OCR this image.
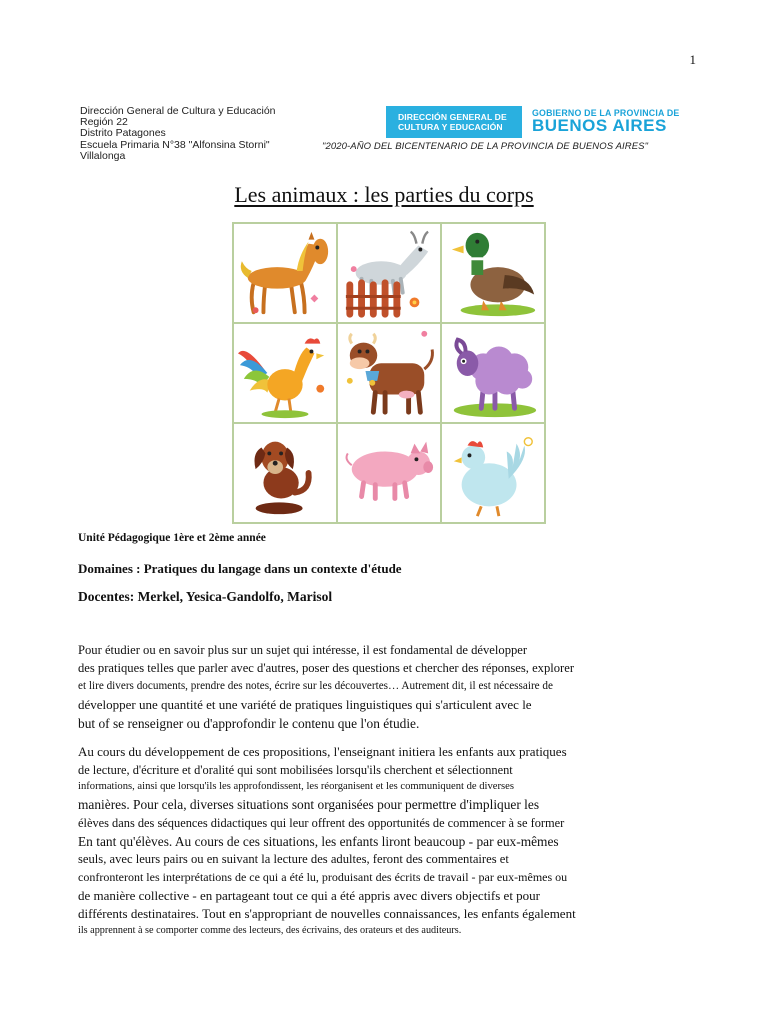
1
Dirección General de Cultura y Educación
Región 22
Distrito Patagones
Escuela Primaria N°38 "Alfonsina Storni"
Villalonga
DIRECCIÓN GENERAL DE
CULTURA Y EDUCACIÓN
GOBIERNO DE LA PROVINCIA DE
BUENOS AIRES
"2020-AÑO DEL BICENTENARIO DE LA PROVINCIA DE BUENOS AIRES"
Les animaux : les parties du corps
Unité Pédagogique 1ère et 2ème année
Domaines : Pratiques du langage dans un contexte d'étude
Docentes: Merkel, Yesica-Gandolfo, Marisol
Pour étudier ou en savoir plus sur un sujet qui intéresse, il est fondamental de développer
des pratiques telles que parler avec d'autres, poser des questions et chercher des réponses, explorer
et lire divers documents, prendre des notes, écrire sur les découvertes… Autrement dit, il est nécessaire de
développer une quantité et une variété de pratiques linguistiques qui s'articulent avec le
but of se renseigner ou d'approfondir le contenu que l'on étudie.
Au cours du développement de ces propositions, l'enseignant initiera les enfants aux pratiques
de lecture, d'écriture et d'oralité qui sont mobilisées lorsqu'ils cherchent et sélectionnent
informations, ainsi que lorsqu'ils les approfondissent, les réorganisent et les communiquent de diverses
manières. Pour cela, diverses situations sont organisées pour permettre d'impliquer les
élèves dans des séquences didactiques qui leur offrent des opportunités de commencer à se former
En tant qu'élèves. Au cours de ces situations, les enfants liront beaucoup - par eux-mêmes
seuls, avec leurs pairs ou en suivant la lecture des adultes, feront des commentaires et
confronteront les interprétations de ce qui a été lu, produisant des écrits de travail - par eux-mêmes ou
de manière collective - en partageant tout ce qui a été appris avec divers objectifs et pour
différents destinataires. Tout en s'appropriant de nouvelles connaissances, les enfants également
ils apprennent à se comporter comme des lecteurs, des écrivains, des orateurs et des auditeurs.
